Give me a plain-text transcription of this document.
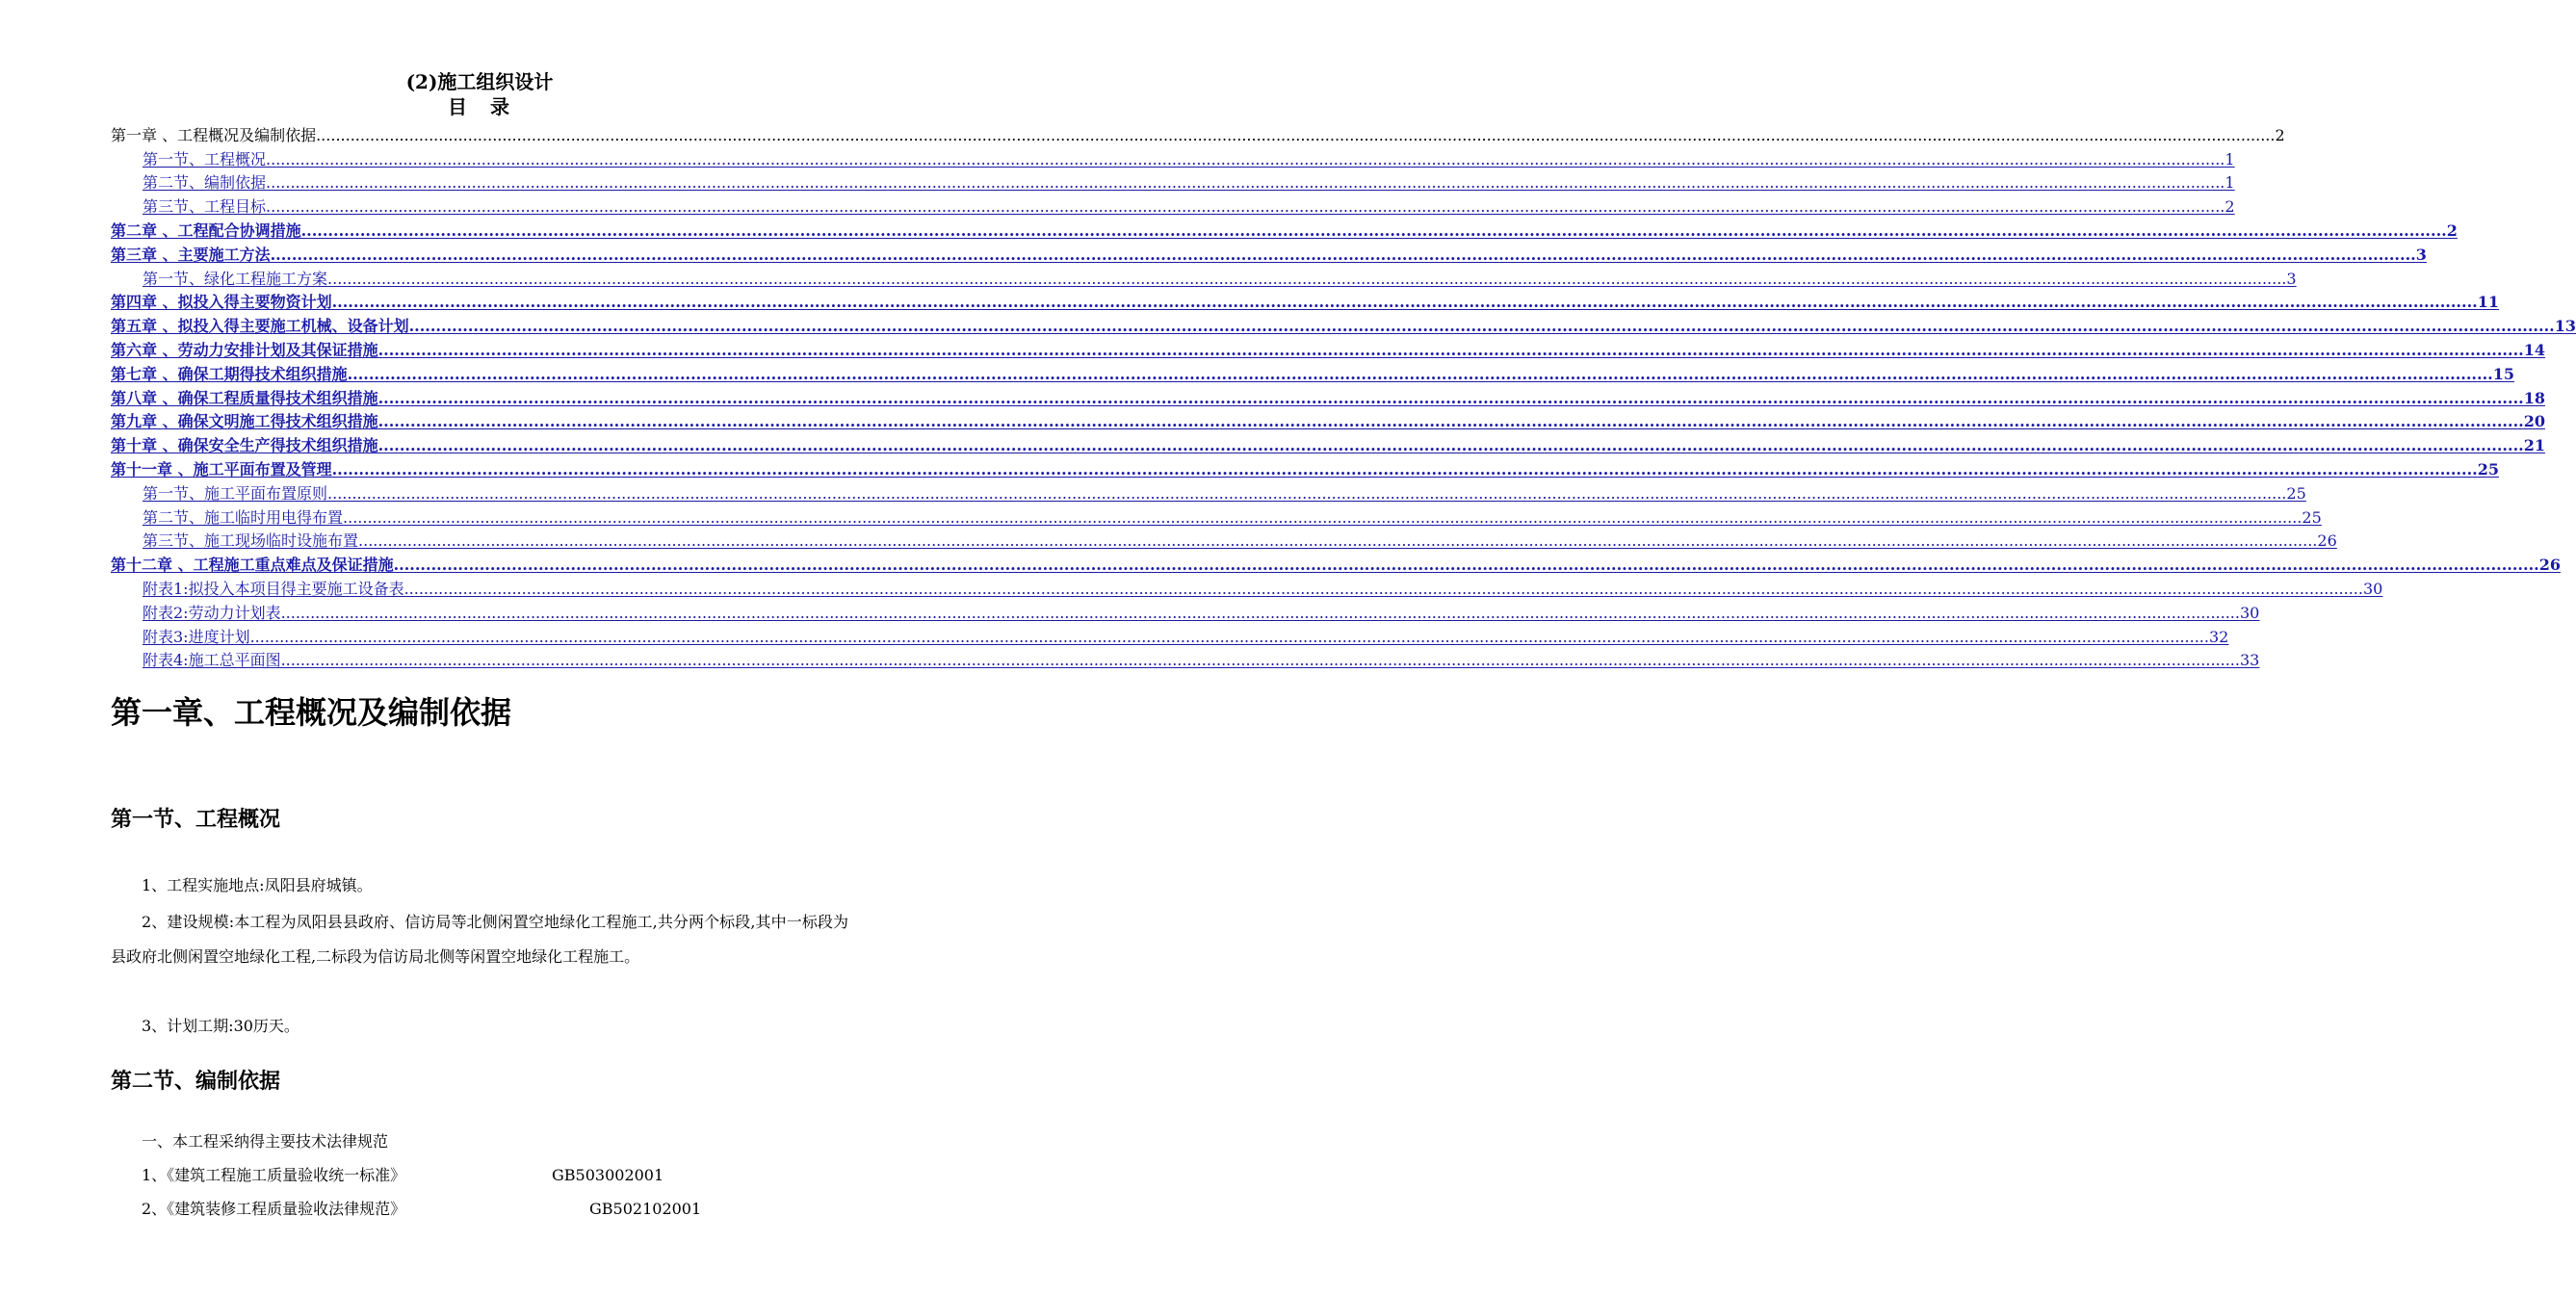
(2)施工组织设计
目　录
第一章 、工程概况及编制依据 ................................................................................................................................................................................................................................................................................................................................................................................................................ 2
第一节、工程概况 ................................................................................................................................................................................................................................................................................................................................................................................................................ 1
第二节、编制依据 ................................................................................................................................................................................................................................................................................................................................................................................................................ 1
第三节、工程目标 ................................................................................................................................................................................................................................................................................................................................................................................................................ 2
第二章 、工程配合协调措施 ................................................................................................................................................................................................................................................................................................................................................................................................................ 2
第三章 、主要施工方法 ................................................................................................................................................................................................................................................................................................................................................................................................................ 3
第一节、绿化工程施工方案 ................................................................................................................................................................................................................................................................................................................................................................................................................ 3
第四章 、拟投入得主要物资计划 ................................................................................................................................................................................................................................................................................................................................................................................................................ 11
第五章 、拟投入得主要施工机械、设备计划 ................................................................................................................................................................................................................................................................................................................................................................................................................ 13
第六章 、劳动力安排计划及其保证措施 ................................................................................................................................................................................................................................................................................................................................................................................................................ 14
第七章 、确保工期得技术组织措施 ................................................................................................................................................................................................................................................................................................................................................................................................................ 15
第八章 、确保工程质量得技术组织措施 ................................................................................................................................................................................................................................................................................................................................................................................................................ 18
第九章 、确保文明施工得技术组织措施 ................................................................................................................................................................................................................................................................................................................................................................................................................ 20
第十章 、确保安全生产得技术组织措施 ................................................................................................................................................................................................................................................................................................................................................................................................................ 21
第十一章 、施工平面布置及管理 ................................................................................................................................................................................................................................................................................................................................................................................................................ 25
第一节、施工平面布置原则 ................................................................................................................................................................................................................................................................................................................................................................................................................ 25
第二节、施工临时用电得布置 ................................................................................................................................................................................................................................................................................................................................................................................................................ 25
第三节、施工现场临时设施布置 ................................................................................................................................................................................................................................................................................................................................................................................................................ 26
第十二章 、工程施工重点难点及保证措施 ................................................................................................................................................................................................................................................................................................................................................................................................................ 26
附表1:拟投入本项目得主要施工设备表 ................................................................................................................................................................................................................................................................................................................................................................................................................ 30
附表2:劳动力计划表 ................................................................................................................................................................................................................................................................................................................................................................................................................ 30
附表3:进度计划 ................................................................................................................................................................................................................................................................................................................................................................................................................ 32
附表4:施工总平面图 ................................................................................................................................................................................................................................................................................................................................................................................................................ 33
第一章、工程概况及编制依据
第一节、工程概况

1、工程实施地点:凤阳县府城镇。

2、建设规模:本工程为凤阳县县政府、信访局等北侧闲置空地绿化工程施工,共分两个标段,其中一标段为县政府北侧闲置空地绿化工程,二标段为信访局北侧等闲置空地绿化工程施工。

3、计划工期:30历天。

第二节、编制依据
一、本工程采纳得主要技术法律规范
1、《建筑工程施工质量验收统一标准》	GB503002001
2、《建筑装修工程质量验收法律规范》	GB502102001
